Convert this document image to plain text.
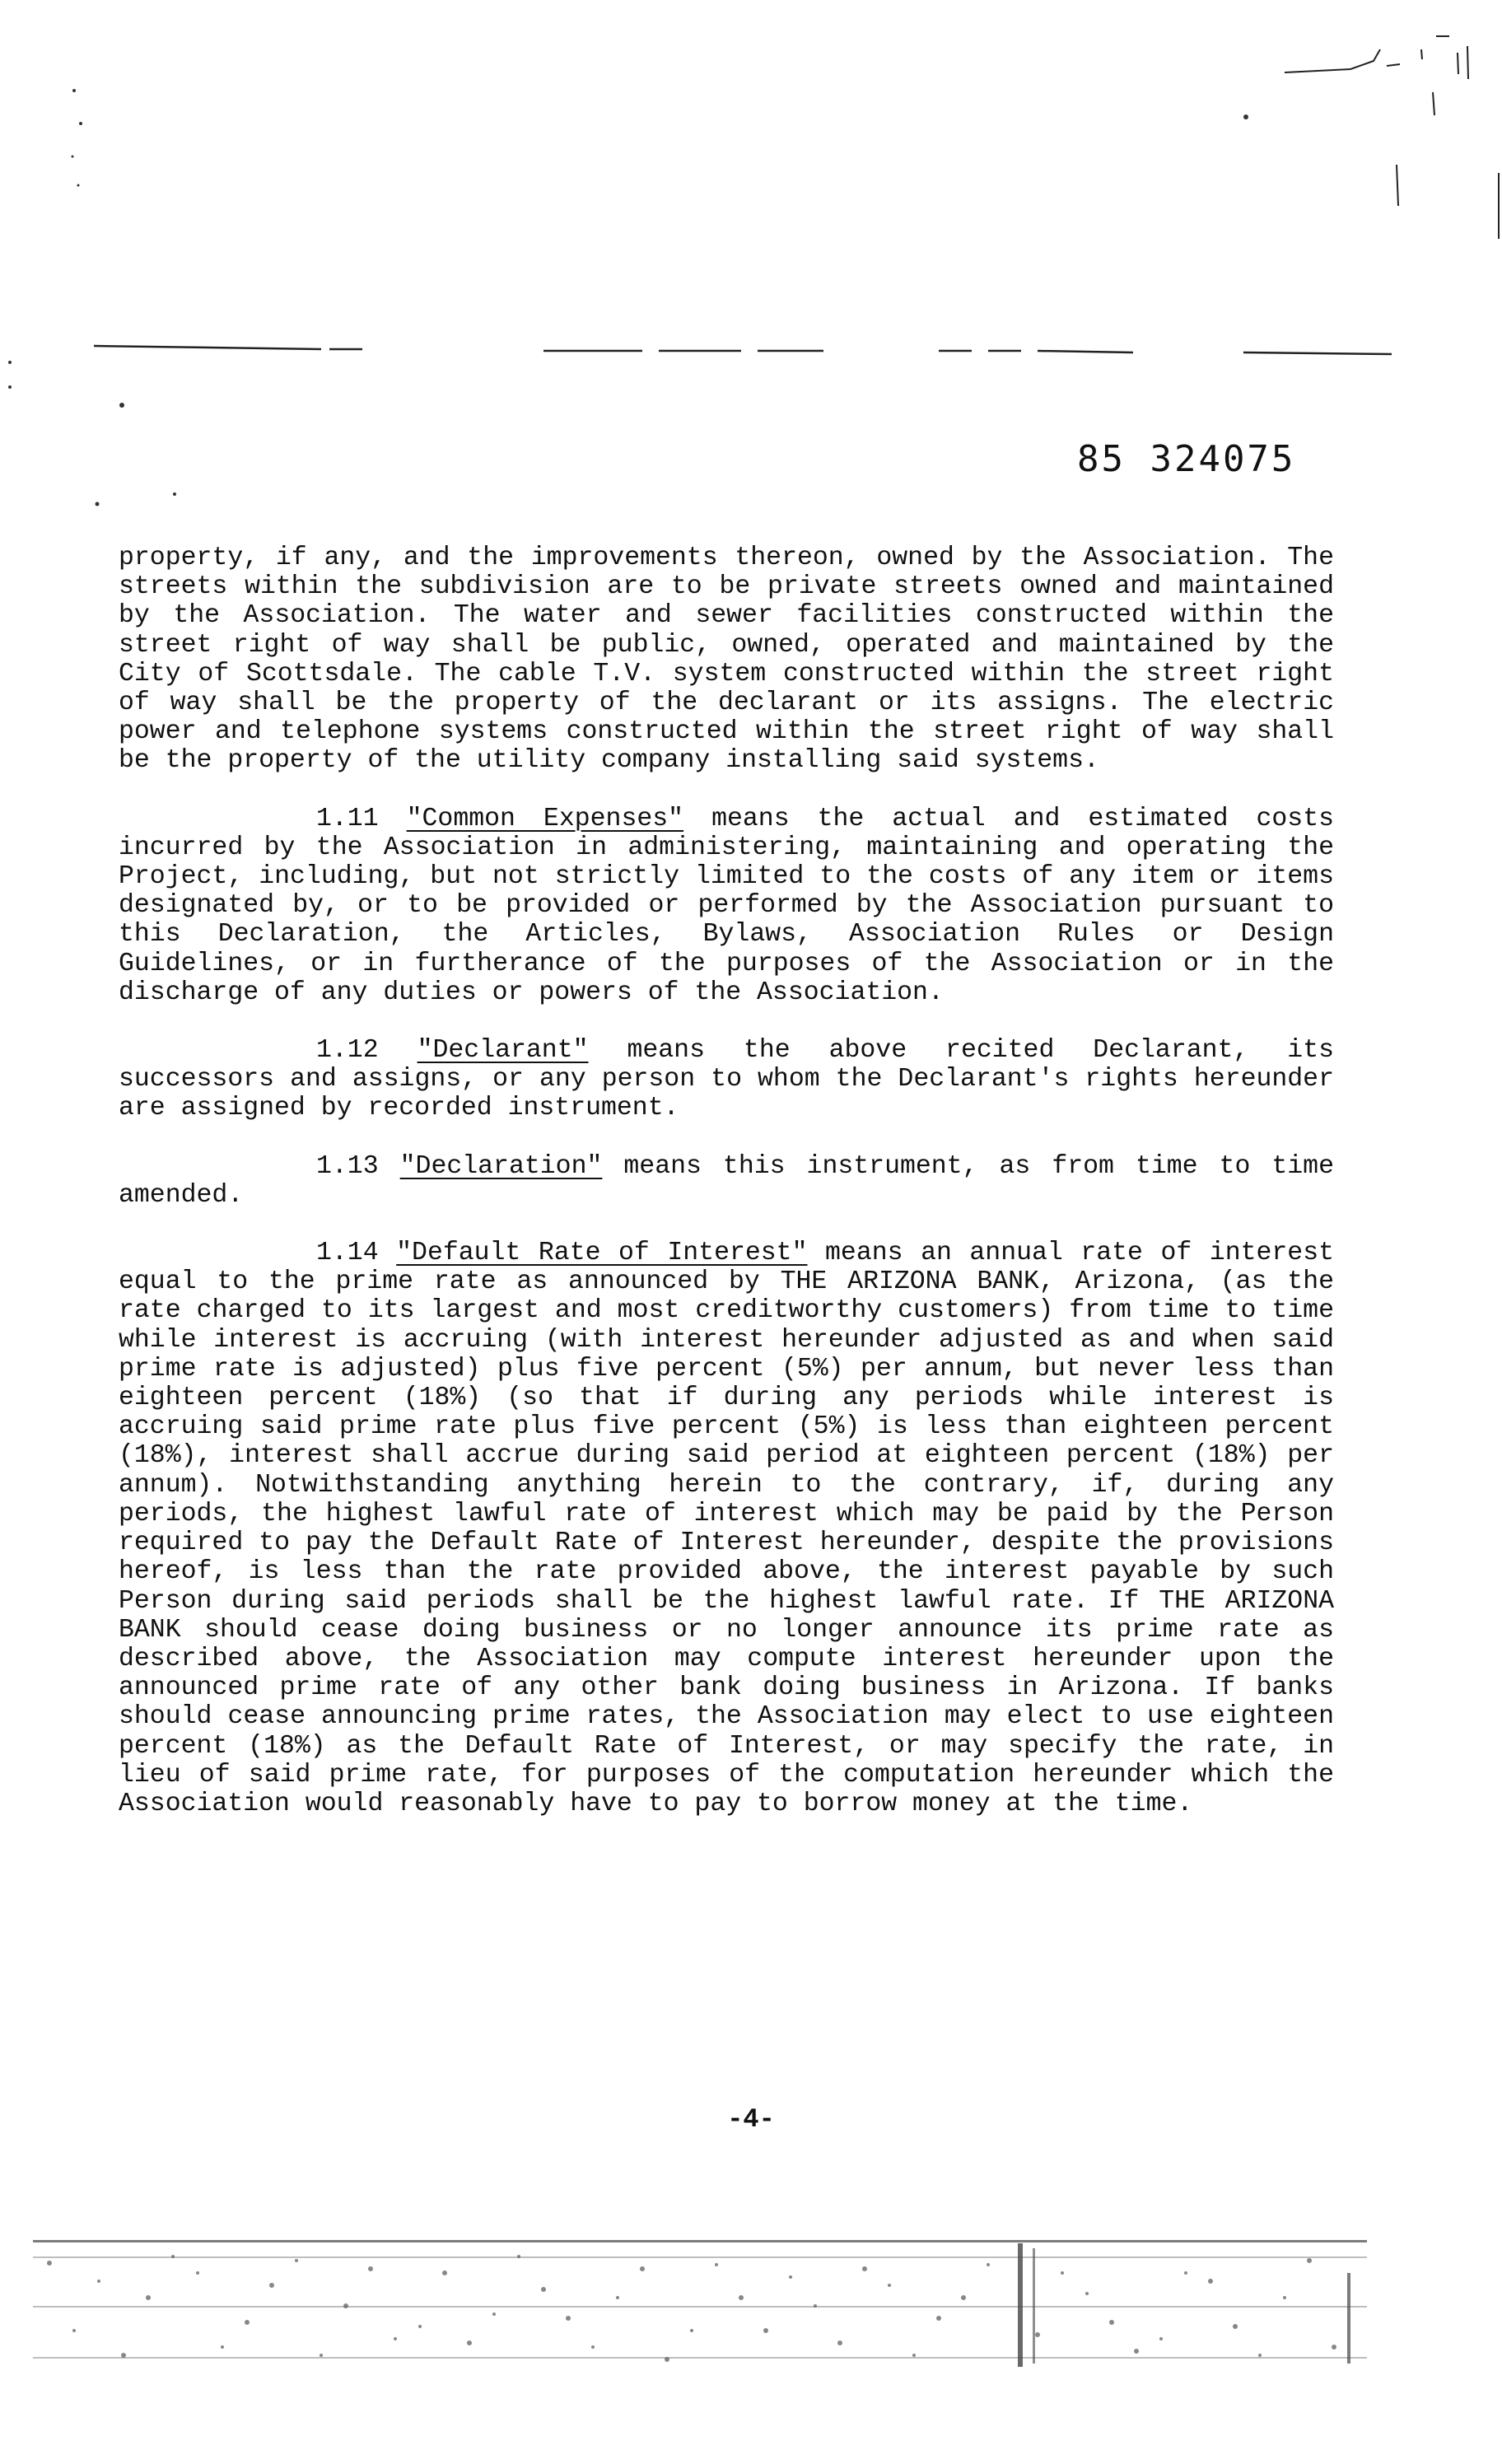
85 324075

property, if any, and the improvements thereon, owned by the Association. The streets within the subdivision are to be private streets owned and maintained by the Association. The water and sewer facilities constructed within the street right of way shall be public, owned, operated and maintained by the City of Scottsdale. The cable T.V. system constructed within the street right of way shall be the property of the declarant or its assigns. The electric power and telephone systems constructed within the street right of way shall be the property of the utility company installing said systems.

1.11 "Common Expenses" means the actual and estimated costs incurred by the Association in administering, maintaining and operating the Project, including, but not strictly limited to the costs of any item or items designated by, or to be provided or performed by the Association pursuant to this Declaration, the Articles, Bylaws, Association Rules or Design Guidelines, or in furtherance of the purposes of the Association or in the discharge of any duties or powers of the Association.

1.12 "Declarant" means the above recited Declarant, its successors and assigns, or any person to whom the Declarant's rights hereunder are assigned by recorded instrument.

1.13 "Declaration" means this instrument, as from time to time amended.

1.14 "Default Rate of Interest" means an annual rate of interest equal to the prime rate as announced by THE ARIZONA BANK, Arizona, (as the rate charged to its largest and most creditworthy customers) from time to time while interest is accruing (with interest hereunder adjusted as and when said prime rate is adjusted) plus five percent (5%) per annum, but never less than eighteen percent (18%) (so that if during any periods while interest is accruing said prime rate plus five percent (5%) is less than eighteen percent (18%), interest shall accrue during said period at eighteen percent (18%) per annum). Notwithstanding anything herein to the contrary, if, during any periods, the highest lawful rate of interest which may be paid by the Person required to pay the Default Rate of Interest hereunder, despite the provisions hereof, is less than the rate provided above, the interest payable by such Person during said periods shall be the highest lawful rate. If THE ARIZONA BANK should cease doing business or no longer announce its prime rate as described above, the Association may compute interest hereunder upon the announced prime rate of any other bank doing business in Arizona. If banks should cease announcing prime rates, the Association may elect to use eighteen percent (18%) as the Default Rate of Interest, or may specify the rate, in lieu of said prime rate, for purposes of the computation hereunder which the Association would reasonably have to pay to borrow money at the time.

-4-
